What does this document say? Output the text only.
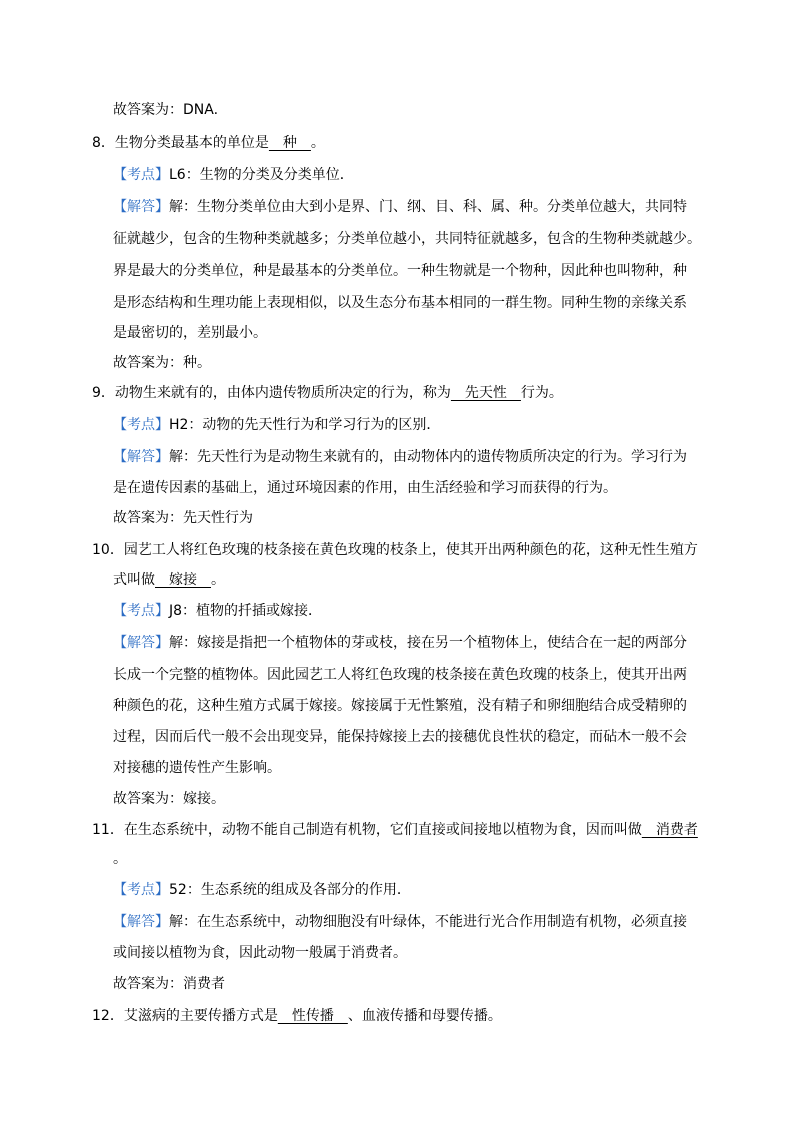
故答案为：DNA.
8．生物分类最基本的单位是　种　。
【考点】L6：生物的分类及分类单位．
【解答】解：生物分类单位由大到小是界、门、纲、目、科、属、种。分类单位越大，共同特
征就越少，包含的生物种类就越多；分类单位越小，共同特征就越多，包含的生物种类就越少。
界是最大的分类单位，种是最基本的分类单位。一种生物就是一个物种，因此种也叫物种，种
是形态结构和生理功能上表现相似，以及生态分布基本相同的一群生物。同种生物的亲缘关系
是最密切的，差别最小。
故答案为：种。
9．动物生来就有的，由体内遗传物质所决定的行为，称为　先天性　行为。
【考点】H2：动物的先天性行为和学习行为的区别．
【解答】解：先天性行为是动物生来就有的，由动物体内的遗传物质所决定的行为。学习行为
是在遗传因素的基础上，通过环境因素的作用，由生活经验和学习而获得的行为。
故答案为：先天性行为
10．园艺工人将红色玫瑰的枝条接在黄色玫瑰的枝条上，使其开出两种颜色的花，这种无性生殖方
式叫做　嫁接　。
【考点】J8：植物的扦插或嫁接．
【解答】解：嫁接是指把一个植物体的芽或枝，接在另一个植物体上，使结合在一起的两部分
长成一个完整的植物体。因此园艺工人将红色玫瑰的枝条接在黄色玫瑰的枝条上，使其开出两
种颜色的花，这种生殖方式属于嫁接。嫁接属于无性繁殖，没有精子和卵细胞结合成受精卵的
过程，因而后代一般不会出现变异，能保持嫁接上去的接穗优良性状的稳定，而砧木一般不会
对接穗的遗传性产生影响。
故答案为：嫁接。
11．在生态系统中，动物不能自己制造有机物，它们直接或间接地以植物为食，因而叫做　消费者
。
【考点】52：生态系统的组成及各部分的作用．
【解答】解：在生态系统中，动物细胞没有叶绿体，不能进行光合作用制造有机物，必须直接
或间接以植物为食，因此动物一般属于消费者。
故答案为：消费者
12．艾滋病的主要传播方式是　性传播　、血液传播和母婴传播。
